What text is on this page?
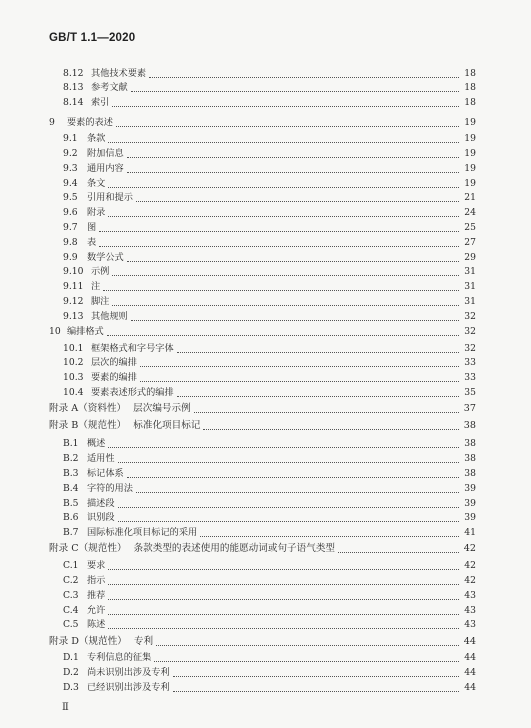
GB/T 1.1—2020
8.12 其他技术要素	18
8.13 参考文献	18
8.14 索引	18
9	要素的表述	19
9.1	条款	19
9.2	附加信息	19
9.3	通用内容	19
9.4	条文	19
9.5	引用和提示	21
9.6	附录	24
9.7	图	25
9.8	表	27
9.9	数学公式	29
9.10 示例	31
9.11 注	31
9.12 脚注	31
9.13 其他规则	32
10 编排格式	32
10.1 框架格式和字号字体	32
10.2 层次的编排	33
10.3 要素的编排	33
10.4 要素表述形式的编排	35
附录 A（资料性） 层次编号示例	37
附录 B（规范性） 标准化项目标记	38
B.1 概述	38
B.2 适用性	38
B.3 标记体系	38
B.4 字符的用法	39
B.5 描述段	39
B.6 识别段	39
B.7 国际标准化项目标记的采用	41
附录 C（规范性） 条款类型的表述使用的能愿动词或句子语气类型	42
C.1 要求	42
C.2 指示	42
C.3 推荐	43
C.4 允许	43
C.5 陈述	43
附录 D（规范性） 专利	44
D.1 专利信息的征集	44
D.2 尚未识别出涉及专利	44
D.3 已经识别出涉及专利	44
Ⅱ
